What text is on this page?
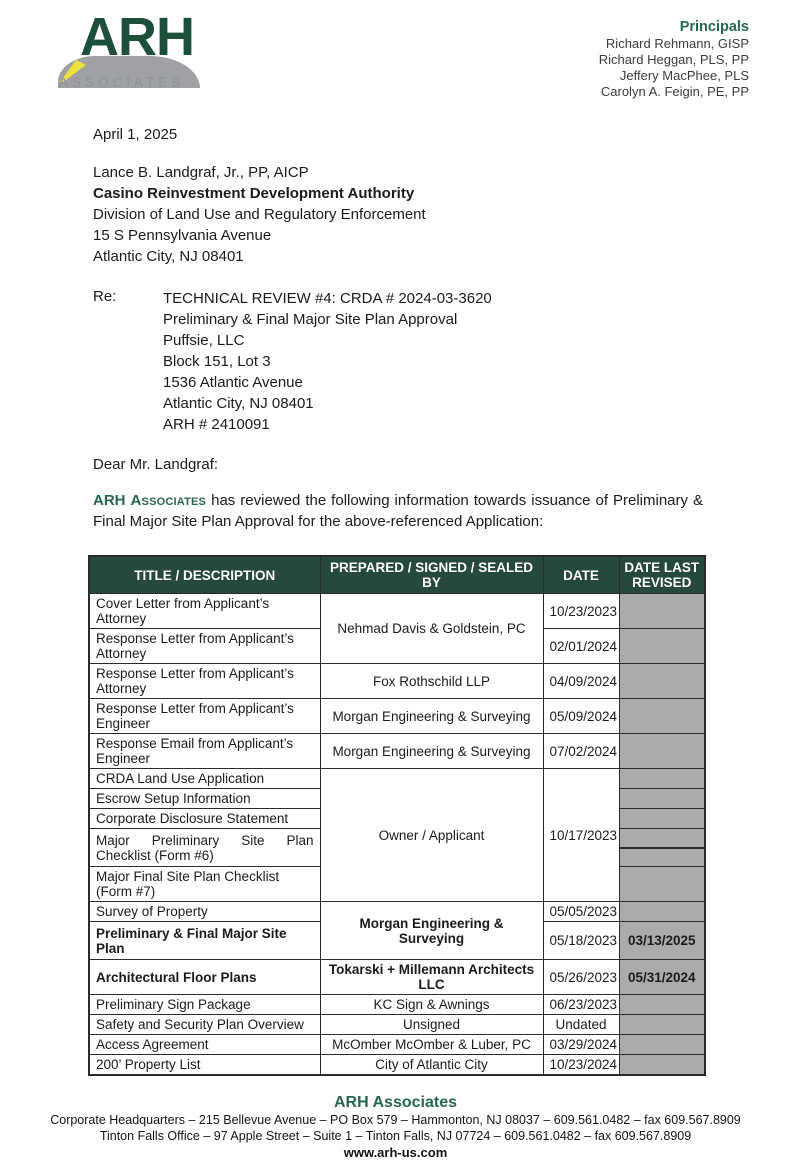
ARH
ASSOCIATES
Principals
Richard Rehmann, GISP
Richard Heggan, PLS, PP
Jeffery MacPhee, PLS
Carolyn A. Feigin, PE, PP
April 1, 2025
Lance B. Landgraf, Jr., PP, AICP
Casino Reinvestment Development Authority
Division of Land Use and Regulatory Enforcement
15 S Pennsylvania Avenue
Atlantic City, NJ 08401
Re:	TECHNICAL REVIEW #4: CRDA # 2024-03-3620
Preliminary & Final Major Site Plan Approval
Puffsie, LLC
Block 151, Lot 3
1536 Atlantic Avenue
Atlantic City, NJ 08401
ARH # 2410091
Dear Mr. Landgraf:
ARH Associates has reviewed the following information towards issuance of Preliminary & Final Major Site Plan Approval for the above-referenced Application:
TITLE / DESCRIPTION	PREPARED / SIGNED / SEALED BY	DATE	DATE LAST REVISED
Cover Letter from Applicant’s Attorney	Nehmad Davis & Goldstein, PC	10/23/2023	
Response Letter from Applicant’s Attorney		02/01/2024	
Response Letter from Applicant’s Attorney	Fox Rothschild LLP	04/09/2024	
Response Letter from Applicant’s Engineer	Morgan Engineering & Surveying	05/09/2024	
Response Email from Applicant’s Engineer	Morgan Engineering & Surveying	07/02/2024	
CRDA Land Use Application	Owner / Applicant	10/17/2023	
Escrow Setup Information			
Corporate Disclosure Statement			
Major Preliminary Site Plan Checklist (Form #6)			
Major Final Site Plan Checklist (Form #7)			
Survey of Property	Morgan Engineering & Surveying	05/05/2023	
Preliminary & Final Major Site Plan		05/18/2023	03/13/2025
Architectural Floor Plans	Tokarski + Millemann Architects LLC	05/26/2023	05/31/2024
Preliminary Sign Package	KC Sign & Awnings	06/23/2023	
Safety and Security Plan Overview	Unsigned	Undated	
Access Agreement	McOmber McOmber & Luber, PC	03/29/2024	
200’ Property List	City of Atlantic City	10/23/2024	
ARH Associates
Corporate Headquarters – 215 Bellevue Avenue – PO Box 579 – Hammonton, NJ 08037 – 609.561.0482 – fax 609.567.8909
Tinton Falls Office – 97 Apple Street – Suite 1 – Tinton Falls, NJ 07724 – 609.561.0482 – fax 609.567.8909
www.arh-us.com
